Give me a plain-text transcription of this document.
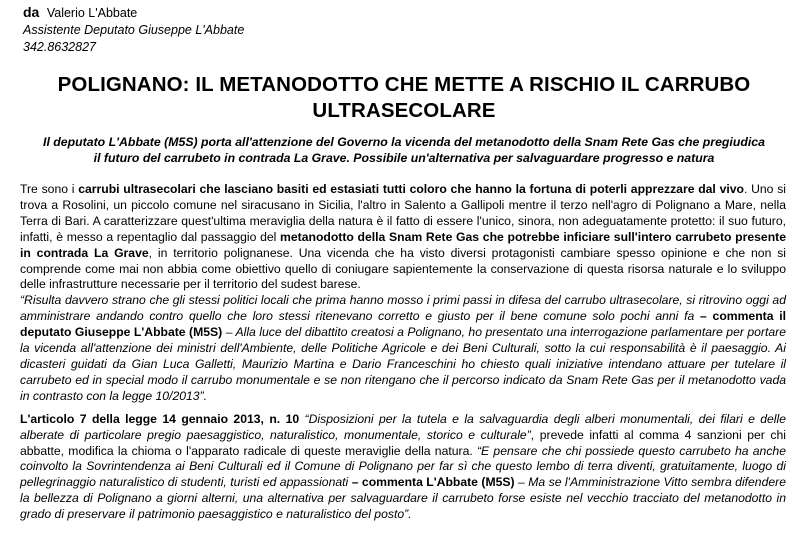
da Valerio L'Abbate
Assistente Deputato Giuseppe L'Abbate
342.8632827
POLIGNANO: IL METANODOTTO CHE METTE A RISCHIO IL CARRUBO
ULTRASECOLARE
Il deputato L'Abbate (M5S) porta all'attenzione del Governo la vicenda del metanodotto della Snam Rete Gas che pregiudica
il futuro del carrubeto in contrada La Grave. Possibile un'alternativa per salvaguardare progresso e natura

Tre sono i carrubi ultrasecolari che lasciano basiti ed estasiati tutti coloro che hanno la fortuna di poterli apprezzare dal vivo. Uno si trova a Rosolini, un piccolo comune nel siracusano in Sicilia, l'altro in Salento a Gallipoli mentre il terzo nell'agro di Polignano a Mare, nella Terra di Bari. A caratterizzare quest'ultima meraviglia della natura è il fatto di essere l'unico, sinora, non adeguatamente protetto: il suo futuro, infatti, è messo a repentaglio dal passaggio del metanodotto della Snam Rete Gas che potrebbe inficiare sull'intero carrubeto presente in contrada La Grave, in territorio polignanese. Una vicenda che ha visto diversi protagonisti cambiare spesso opinione e che non si comprende come mai non abbia come obiettivo quello di coniugare sapientemente la conservazione di questa risorsa naturale e lo sviluppo delle infrastrutture necessarie per il territorio del sudest barese.

“Risulta davvero strano che gli stessi politici locali che prima hanno mosso i primi passi in difesa del carrubo ultrasecolare, si ritrovino oggi ad amministrare andando contro quello che loro stessi ritenevano corretto e giusto per il bene comune solo pochi anni fa – commenta il deputato Giuseppe L'Abbate (M5S) – Alla luce del dibattito creatosi a Polignano, ho presentato una interrogazione parlamentare per portare la vicenda all'attenzione dei ministri dell'Ambiente, delle Politiche Agricole e dei Beni Culturali, sotto la cui responsabilità è il paesaggio. Ai dicasteri guidati da Gian Luca Galletti, Maurizio Martina e Dario Franceschini ho chiesto quali iniziative intendano attuare per tutelare il carrubeto ed in special modo il carrubo monumentale e se non ritengano che il percorso indicato da Snam Rete Gas per il metanodotto vada in contrasto con la legge 10/2013”.

L'articolo 7 della legge 14 gennaio 2013, n. 10 “Disposizioni per la tutela e la salvaguardia degli alberi monumentali, dei filari e delle alberate di particolare pregio paesaggistico, naturalistico, monumentale, storico e culturale”, prevede infatti al comma 4 sanzioni per chi abbatte, modifica la chioma o l'apparato radicale di queste meraviglie della natura. “E pensare che chi possiede questo carrubeto ha anche coinvolto la Sovrintendenza ai Beni Culturali ed il Comune di Polignano per far sì che questo lembo di terra diventi, gratuitamente, luogo di pellegrinaggio naturalistico di studenti, turisti ed appassionati – commenta L'Abbate (M5S) – Ma se l'Amministrazione Vitto sembra difendere la bellezza di Polignano a giorni alterni, una alternativa per salvaguardare il carrubeto forse esiste nel vecchio tracciato del metanodotto in grado di preservare il patrimonio paesaggistico e naturalistico del posto”.
